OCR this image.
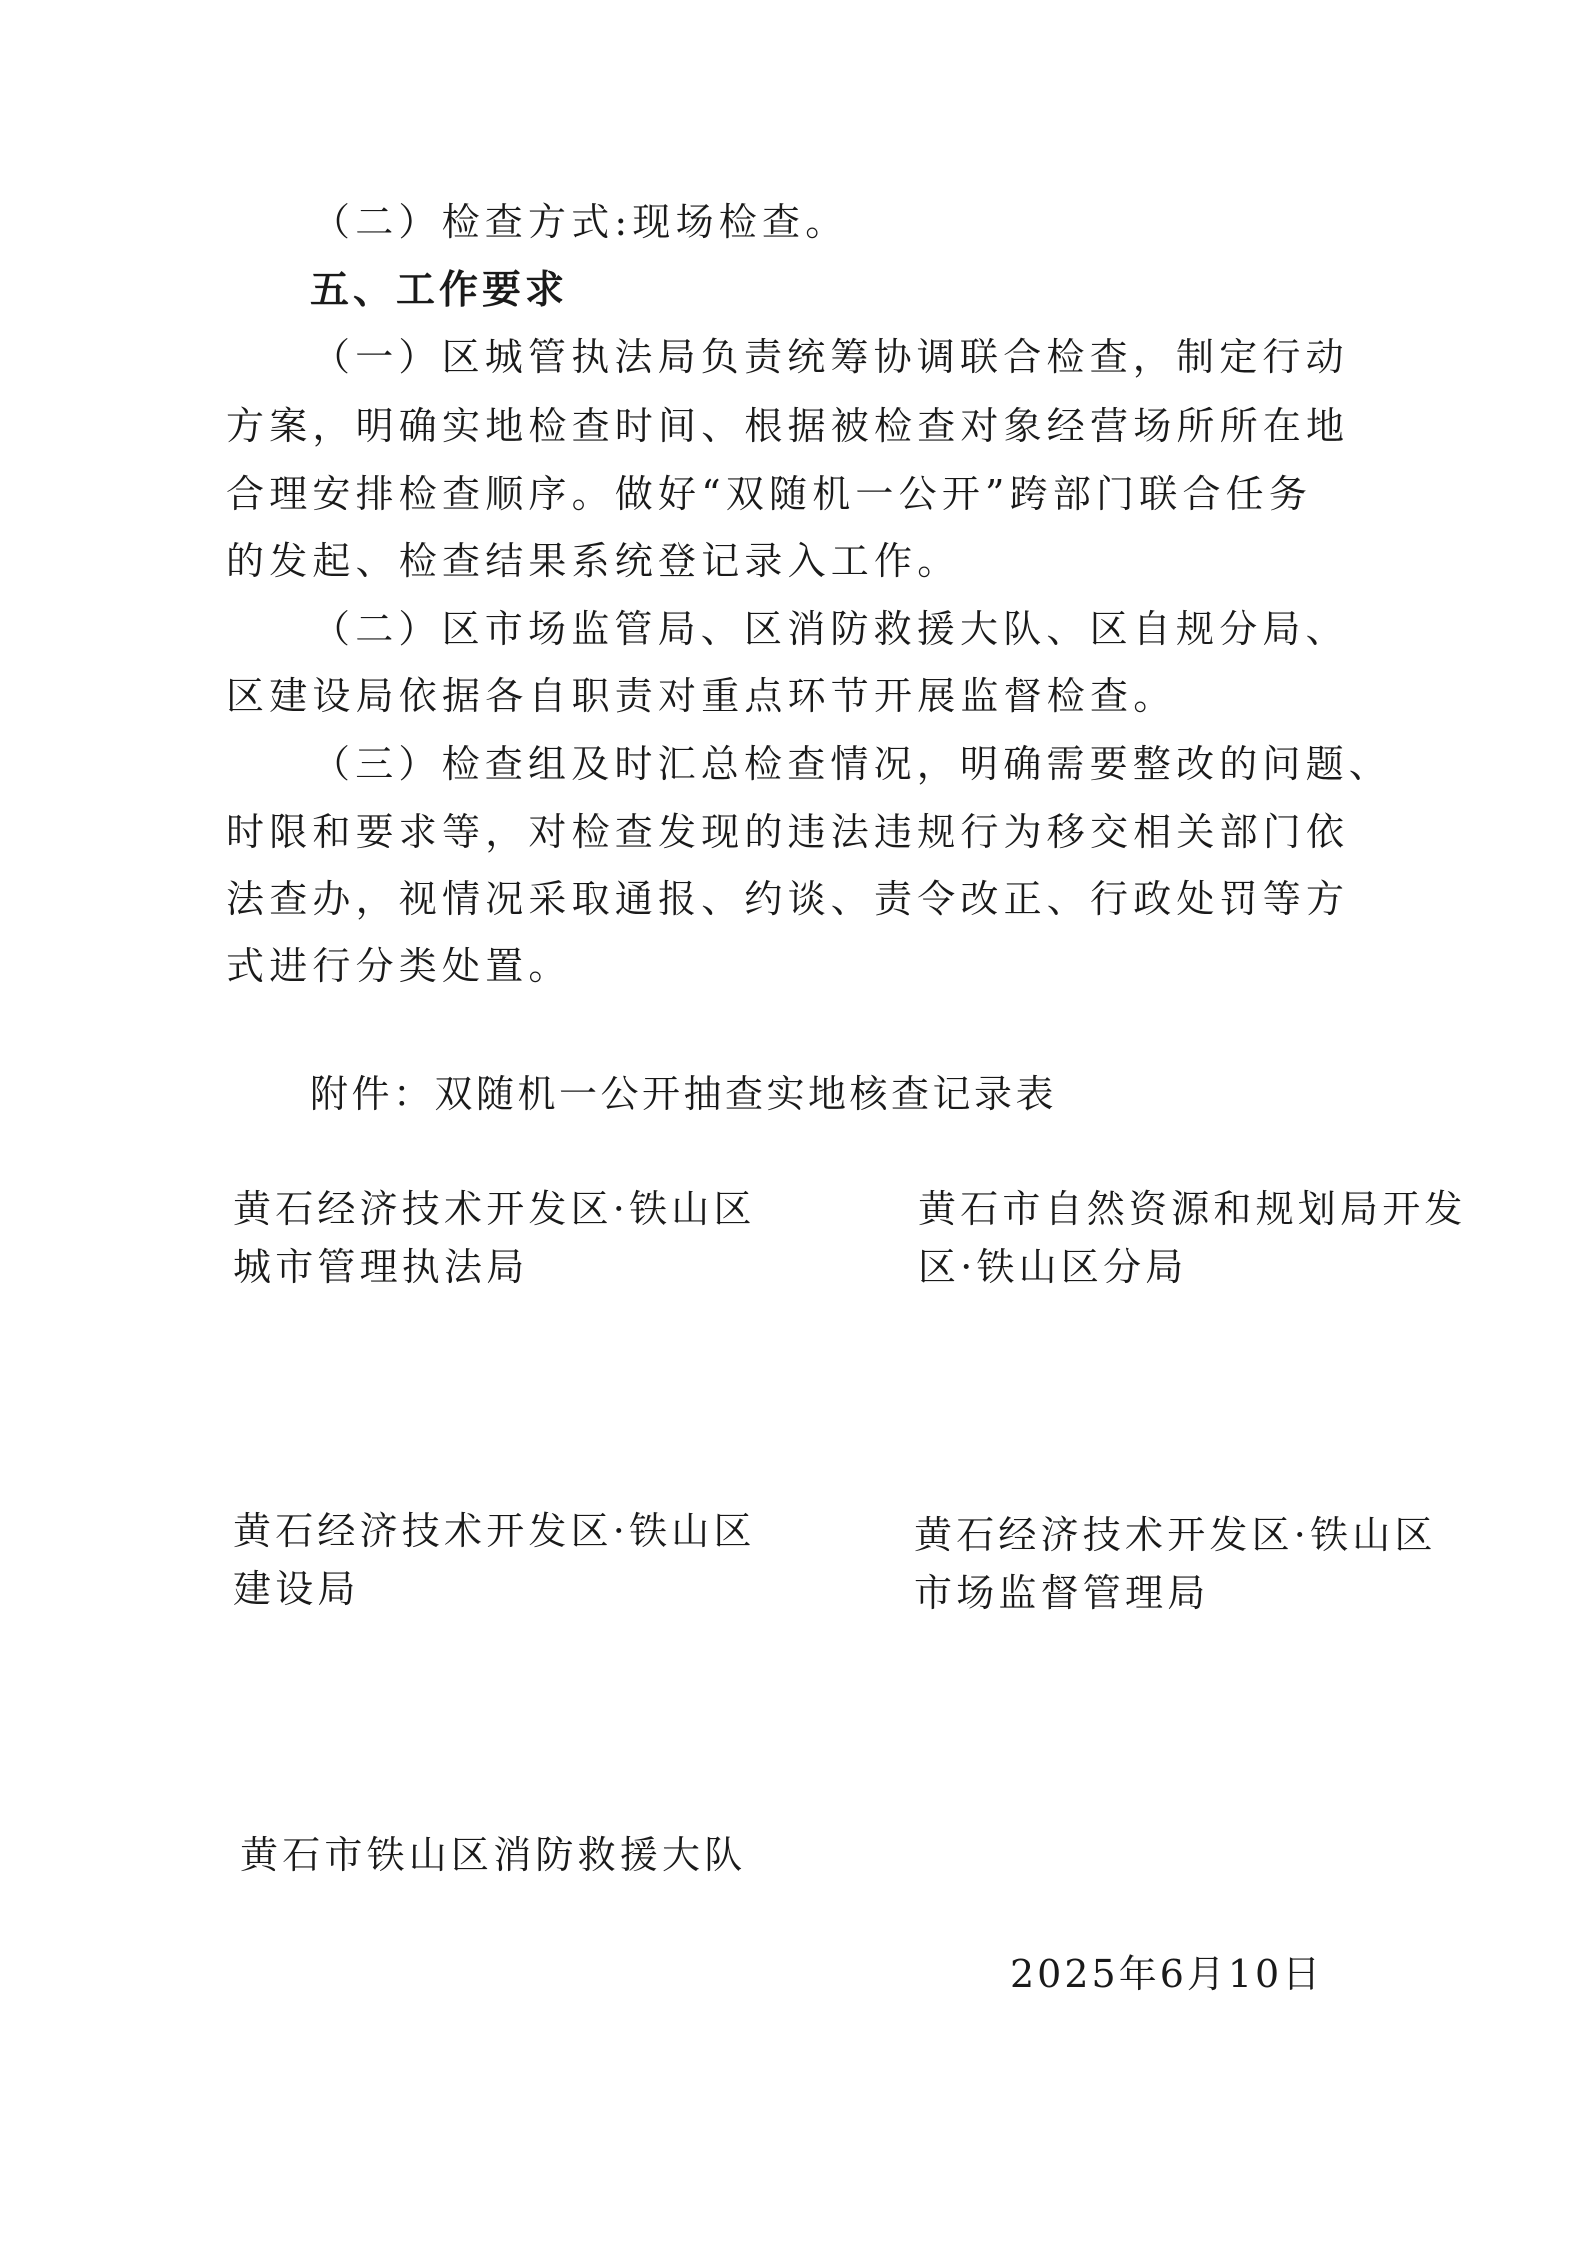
（二）检查方式:现场检查。
五、工作要求
（一）区城管执法局负责统筹协调联合检查，制定行动
方案，明确实地检查时间、根据被检查对象经营场所所在地
合理安排检查顺序。做好“双随机一公开”跨部门联合任务
的发起、检查结果系统登记录入工作。
（二）区市场监管局、区消防救援大队、区自规分局、
区建设局依据各自职责对重点环节开展监督检查。
（三）检查组及时汇总检查情况，明确需要整改的问题、
时限和要求等，对检查发现的违法违规行为移交相关部门依
法查办，视情况采取通报、约谈、责令改正、行政处罚等方
式进行分类处置。
附件：双随机一公开抽查实地核查记录表
黄石经济技术开发区·铁山区
城市管理执法局
黄石市自然资源和规划局开发
区·铁山区分局
黄石经济技术开发区·铁山区
建设局
黄石经济技术开发区·铁山区
市场监督管理局
黄石市铁山区消防救援大队
2025年6月10日
